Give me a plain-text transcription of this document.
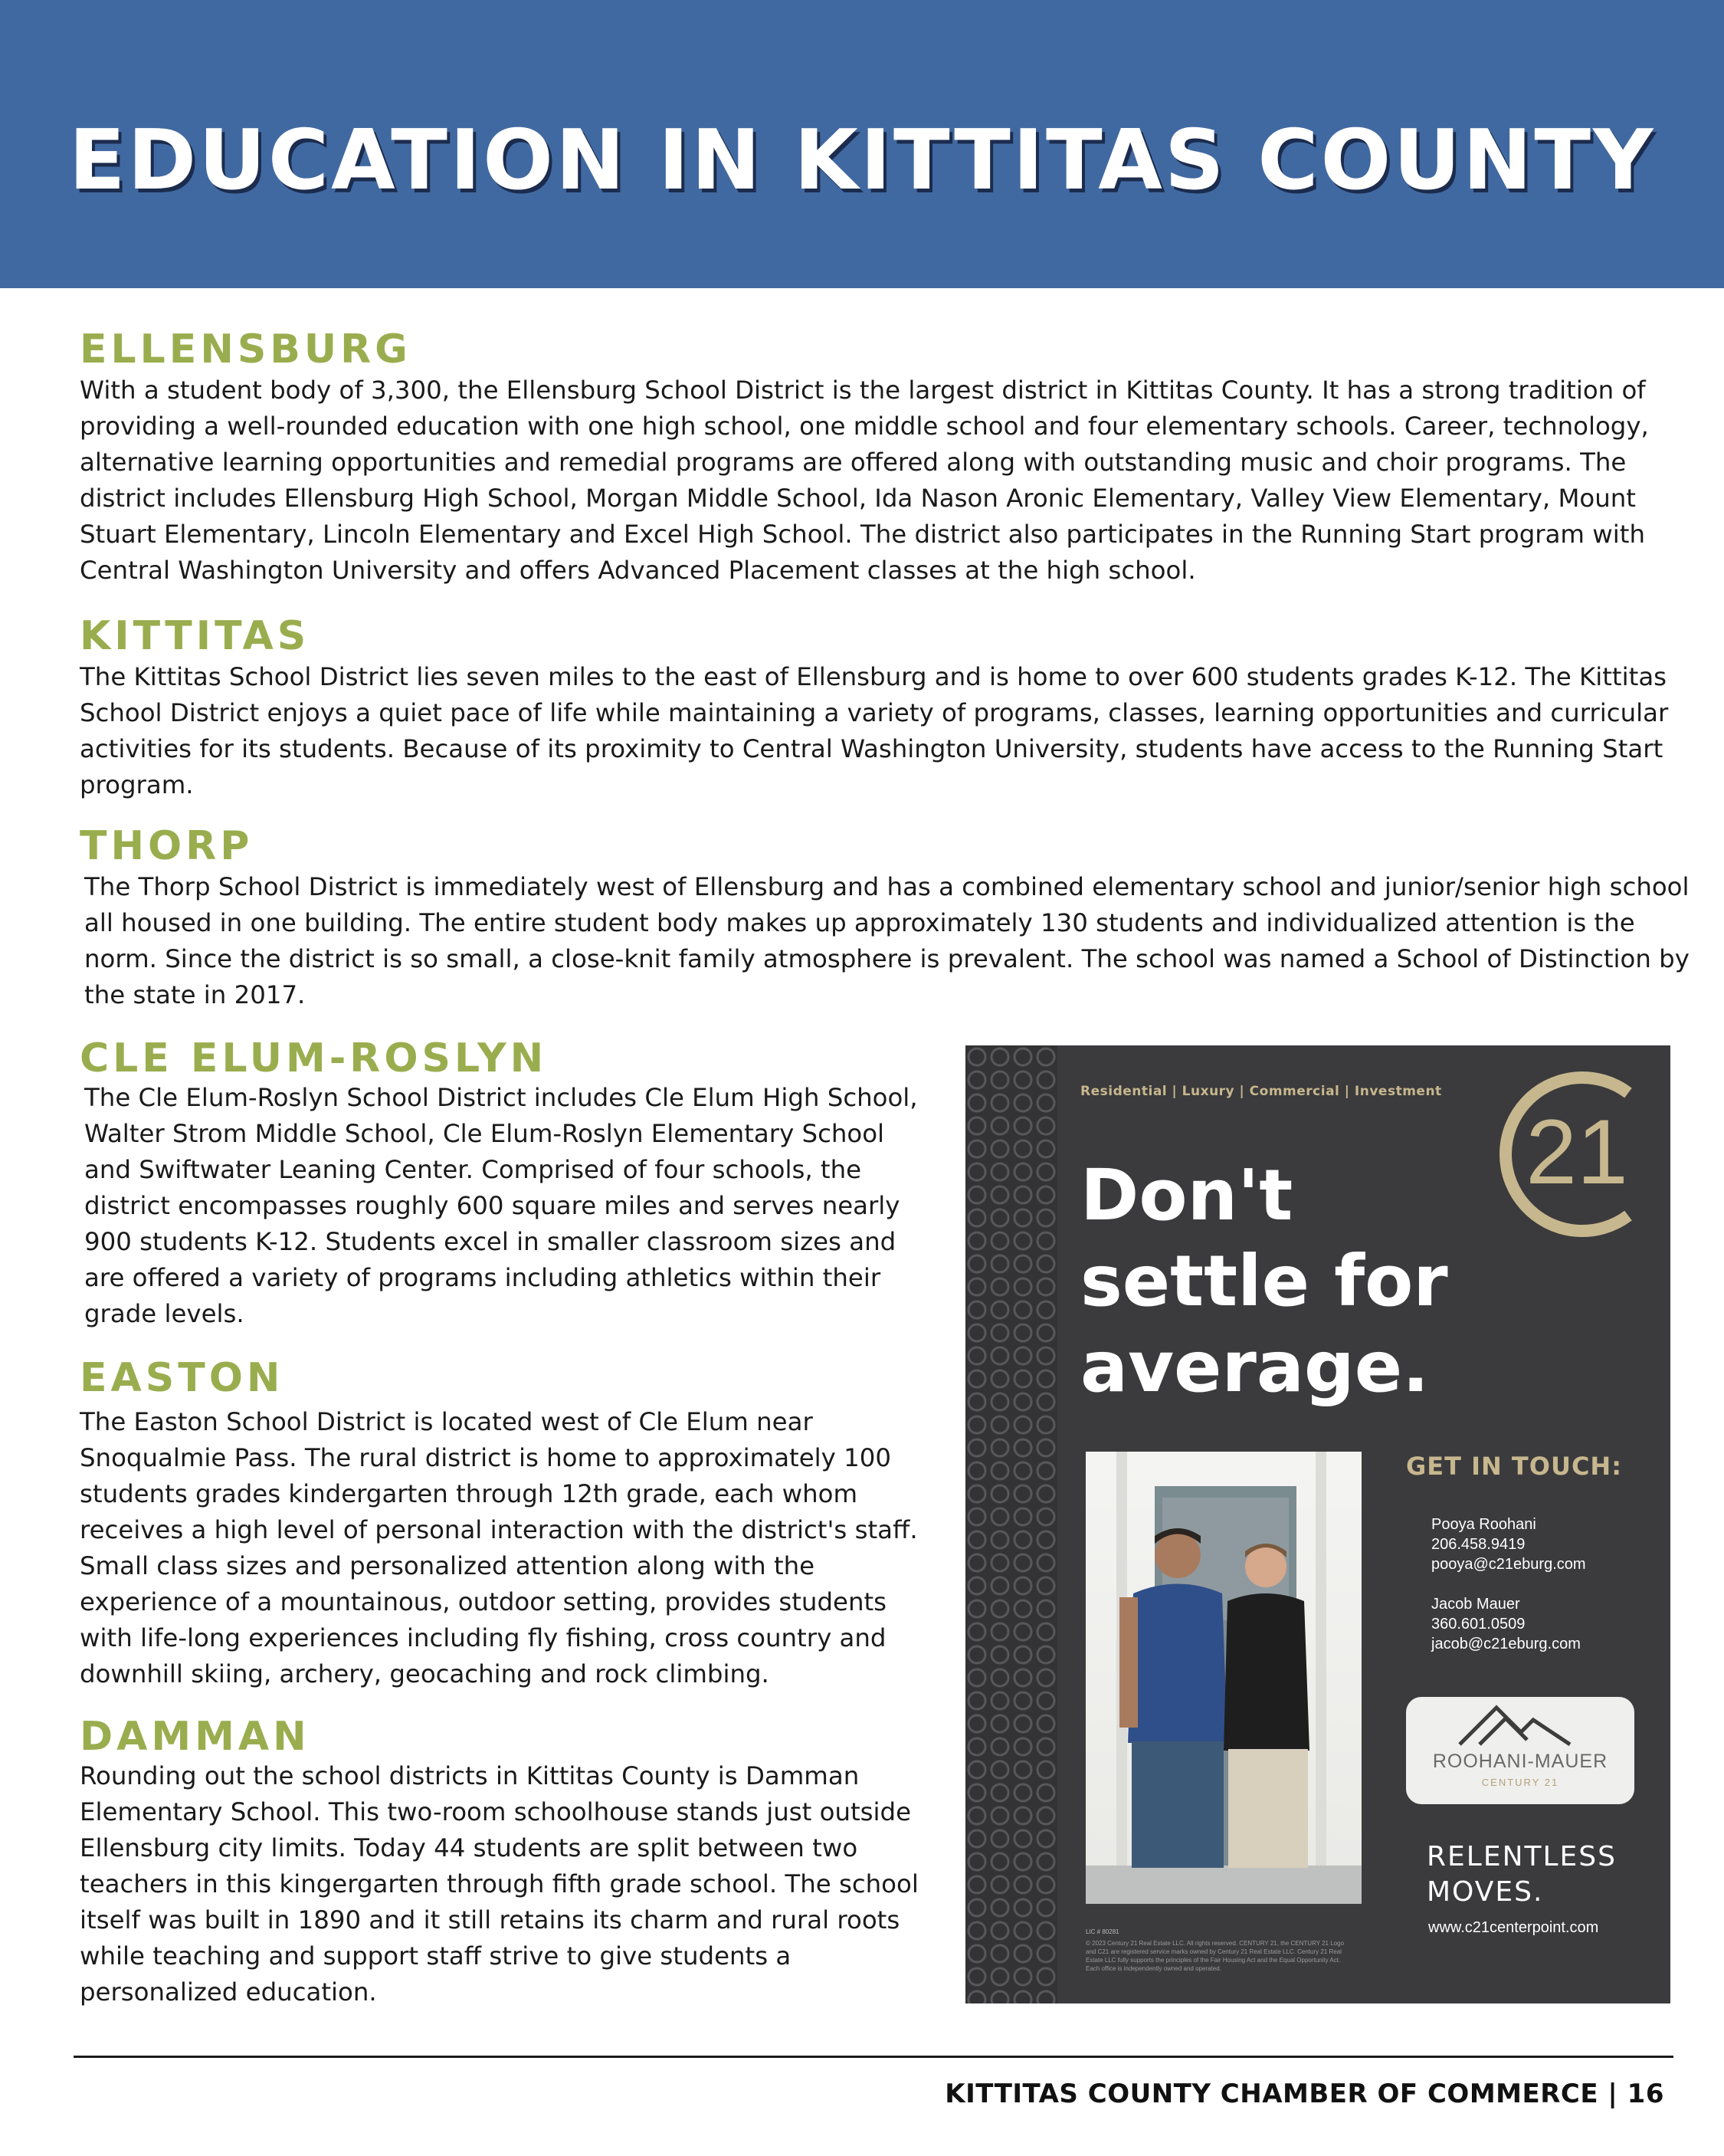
EDUCATION IN KITTITAS COUNTY
ELLENSBURG

With a student body of 3,300, the Ellensburg School District is the largest district in Kittitas County. It has a strong tradition of providing a well-rounded education with one high school, one middle school and four elementary schools. Career, technology, alternative learning opportunities and remedial programs are offered along with outstanding music and choir programs. The district includes Ellensburg High School, Morgan Middle School, Ida Nason Aronic Elementary, Valley View Elementary, Mount Stuart Elementary, Lincoln Elementary and Excel High School. The district also participates in the Running Start program with Central Washington University and offers Advanced Placement classes at the high school.

KITTITAS

The Kittitas School District lies seven miles to the east of Ellensburg and is home to over 600 students grades K-12. The Kittitas School District enjoys a quiet pace of life while maintaining a variety of programs, classes, learning opportunities and curricular activities for its students. Because of its proximity to Central Washington University, students have access to the Running Start program.

THORP

The Thorp School District is immediately west of Ellensburg and has a combined elementary school and junior/senior high school all housed in one building. The entire student body makes up approximately 130 students and individualized attention is the norm. Since the district is so small, a close-knit family atmosphere is prevalent. The school was named a School of Distinction by the state in 2017.

CLE ELUM-ROSLYN

The Cle Elum-Roslyn School District includes Cle Elum High School, Walter Strom Middle School, Cle Elum-Roslyn Elementary School and Swiftwater Leaning Center. Comprised of four schools, the district encompasses roughly 600 square miles and serves nearly 900 students K-12. Students excel in smaller classroom sizes and are offered a variety of programs including athletics within their grade levels.

EASTON

The Easton School District is located west of Cle Elum near Snoqualmie Pass. The rural district is home to approximately 100 students grades kindergarten through 12th grade, each whom receives a high level of personal interaction with the district's staff. Small class sizes and personalized attention along with the experience of a mountainous, outdoor setting, provides students with life-long experiences including fly fishing, cross country and downhill skiing, archery, geocaching and rock climbing.

DAMMAN

Rounding out the school districts in Kittitas County is Damman Elementary School. This two-room schoolhouse stands just outside Ellensburg city limits. Today 44 students are split between two teachers in this kingergarten through fifth grade school. The school itself was built in 1890 and it still retains its charm and rural roots while teaching and support staff strive to give students a personalized education.

Residential | Luxury | Commercial | Investment
21
Don't settle for average.
GET IN TOUCH:
Pooya Roohani
206.458.9419
pooya@c21eburg.com
Jacob Mauer
360.601.0509
jacob@c21eburg.com
ROOHANI-MAUER
CENTURY 21

RELENTLESS MOVES.

www.c21centerpoint.com
LIC # 80281
© 2023 Century 21 Real Estate LLC. All rights reserved. CENTURY 21, the CENTURY 21 Logo and C21 are registered service marks owned by Century 21 Real Estate LLC. Century 21 Real Estate LLC fully supports the principles of the Fair Housing Act and the Equal Opportunity Act. Each office is independently owned and operated.
KITTITAS COUNTY CHAMBER OF COMMERCE | 16
